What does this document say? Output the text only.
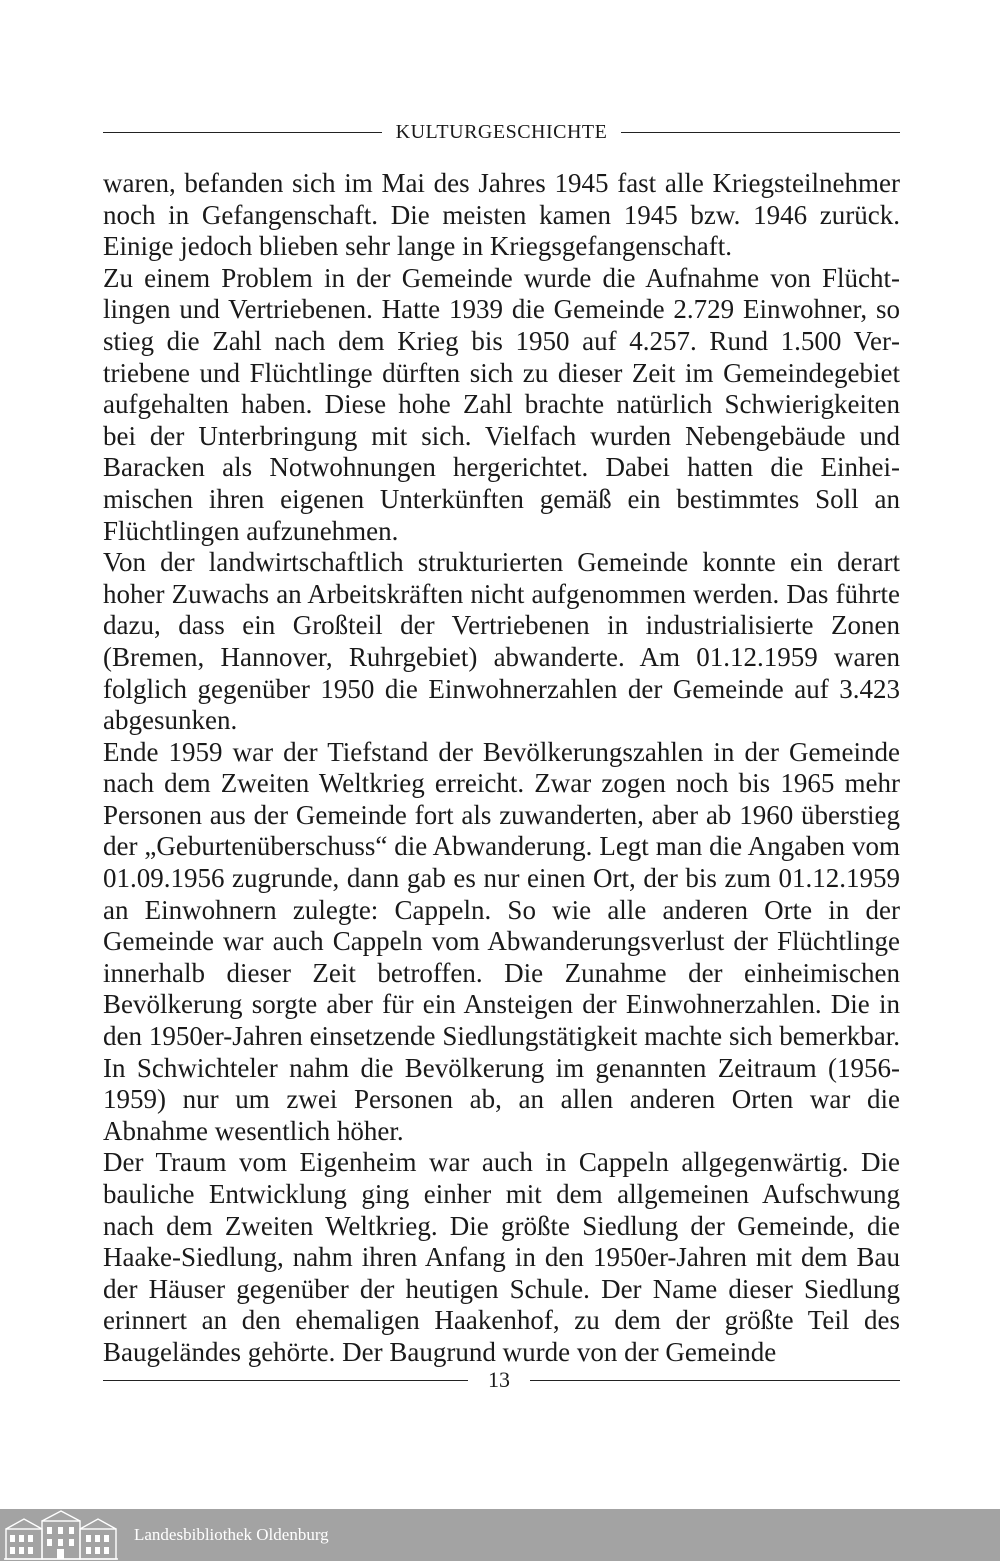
KULTURGESCHICHTE

waren, befanden sich im Mai des Jahres 1945 fast alle Kriegsteilnehmer noch in Gefangenschaft. Die meisten kamen 1945 bzw. 1946 zurück. Einige jedoch blieben sehr lange in Kriegsgefangenschaft.

Zu einem Problem in der Gemeinde wurde die Aufnahme von Flüchtlingen und Vertriebenen. Hatte 1939 die Gemeinde 2.729 Einwohner, so stieg die Zahl nach dem Krieg bis 1950 auf 4.257. Rund 1.500 Vertriebene und Flüchtlinge dürften sich zu dieser Zeit im Gemeindegebiet aufgehalten haben. Diese hohe Zahl brachte natürlich Schwierigkeiten bei der Unterbringung mit sich. Vielfach wurden Nebengebäude und Baracken als Notwohnungen hergerichtet. Dabei hatten die Einheimischen ihren eigenen Unterkünften gemäß ein bestimmtes Soll an Flüchtlingen aufzunehmen.

Von der landwirtschaftlich strukturierten Gemeinde konnte ein derart hoher Zuwachs an Arbeitskräften nicht aufgenommen werden. Das führte dazu, dass ein Großteil der Vertriebenen in industrialisierte Zonen (Bremen, Hannover, Ruhrgebiet) abwanderte. Am 01.12.1959 waren folglich gegenüber 1950 die Einwohnerzahlen der Gemeinde auf 3.423 abgesunken.

Ende 1959 war der Tiefstand der Bevölkerungszahlen in der Gemeinde nach dem Zweiten Weltkrieg erreicht. Zwar zogen noch bis 1965 mehr Personen aus der Gemeinde fort als zuwanderten, aber ab 1960 überstieg der „Geburtenüberschuss“ die Abwanderung. Legt man die Angaben vom 01.09.1956 zugrunde, dann gab es nur einen Ort, der bis zum 01.12.1959 an Einwohnern zulegte: Cappeln. So wie alle anderen Orte in der Gemeinde war auch Cappeln vom Abwanderungsverlust der Flüchtlinge innerhalb dieser Zeit betroffen. Die Zunahme der einheimischen Bevölkerung sorgte aber für ein Ansteigen der Einwohnerzahlen. Die in den 1950er-Jahren einsetzende Siedlungstätigkeit machte sich bemerkbar. In Schwichteler nahm die Bevölkerung im genannten Zeitraum (1956-1959) nur um zwei Personen ab, an allen anderen Orten war die Abnahme wesentlich höher.

Der Traum vom Eigenheim war auch in Cappeln allgegenwärtig. Die bauliche Entwicklung ging einher mit dem allgemeinen Aufschwung nach dem Zweiten Weltkrieg. Die größte Siedlung der Gemeinde, die Haake-Siedlung, nahm ihren Anfang in den 1950er-Jahren mit dem Bau der Häuser gegenüber der heutigen Schule. Der Name dieser Siedlung erinnert an den ehemaligen Haakenhof, zu dem der größte Teil des Baugeländes gehörte. Der Baugrund wurde von der Gemeinde

13
Landesbibliothek Oldenburg
